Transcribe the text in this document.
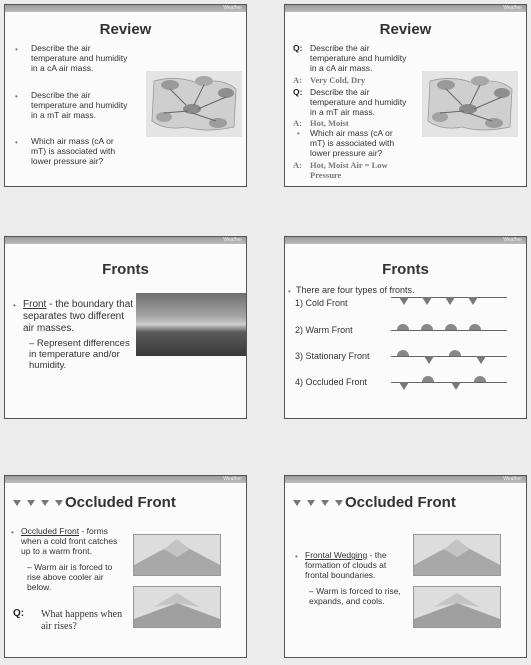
Weather
Review
• Describe the air temperature and humidity in a cA air mass.
• Describe the air temperature and humidity in a mT air mass.
• Which air mass (cA or mT) is associated with lower pressure air?
Weather
Review
Q: Describe the air temperature and humidity in a cA air mass.
A: Very Cold, Dry
Q: Describe the air temperature and humidity in a mT air mass.
A: Hot, Moist
• Which air mass (cA or mT) is associated with lower pressure air?
A: Hot, Moist Air = Low Pressure
Weather
Fronts
• Front - the boundary that separates two different air masses.
– Represent differences in temperature and/or humidity.
Weather
Fronts
• There are four types of fronts.
1) Cold Front
2) Warm Front
3) Stationary Front
4) Occluded Front
Weather
Occluded Front
• Occluded Front - forms when a cold front catches up to a warm front.
– Warm air is forced to rise above cooler air below.
Q: What happens when air rises?
Weather
Occluded Front
• Frontal Wedging - the formation of clouds at frontal boundaries.
– Warm is forced to rise, expands, and cools.
